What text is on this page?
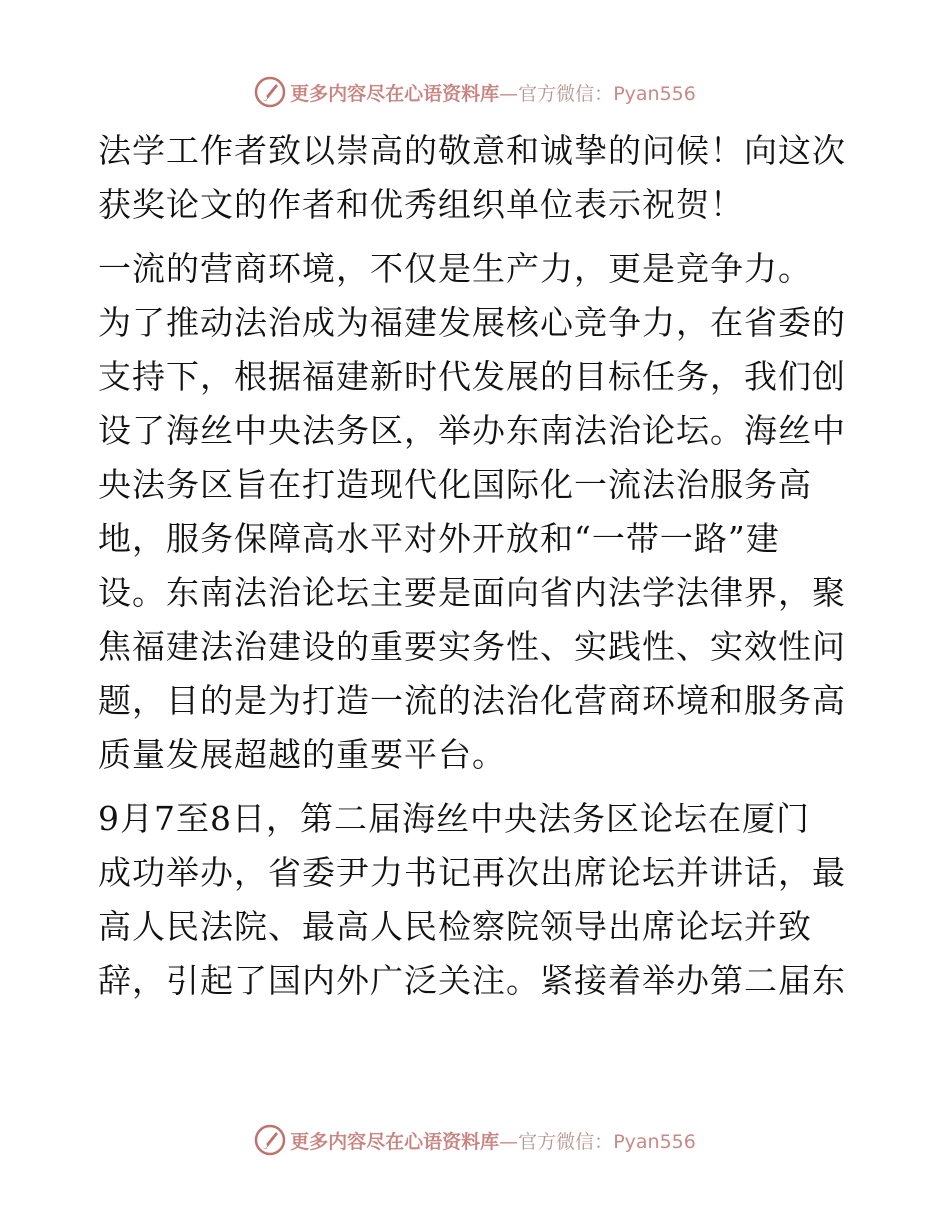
更多内容尽在心语资料库—官方微信：Pyan556

法学工作者致以崇高的敬意和诚挚的问候！向这次

获奖论文的作者和优秀组织单位表示祝贺！

一流的营商环境，不仅是生产力，更是竞争力。

为了推动法治成为福建发展核心竞争力，在省委的

支持下，根据福建新时代发展的目标任务，我们创

设了海丝中央法务区，举办东南法治论坛。海丝中

央法务区旨在打造现代化国际化一流法治服务高

地，服务保障高水平对外开放和“一带一路”建

设。东南法治论坛主要是面向省内法学法律界，聚

焦福建法治建设的重要实务性、实践性、实效性问

题，目的是为打造一流的法治化营商环境和服务高

质量发展超越的重要平台。

9月7至8日，第二届海丝中央法务区论坛在厦门

成功举办，省委尹力书记再次出席论坛并讲话，最

高人民法院、最高人民检察院领导出席论坛并致

辞，引起了国内外广泛关注。紧接着举办第二届东

更多内容尽在心语资料库—官方微信：Pyan556
